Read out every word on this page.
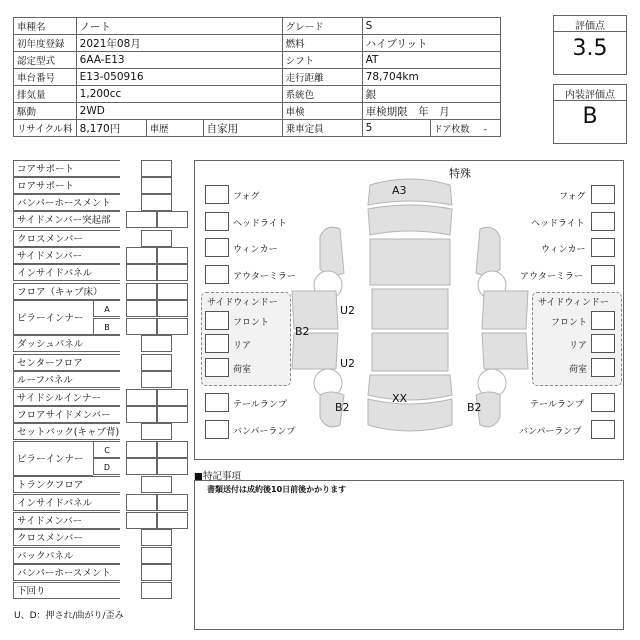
車種名	ノート			グレード	S	
初年度登録	2021年08月			燃料	ハイブリット	
認定型式	6AA-E13			シフト	AT	
車台番号	E13-050916			走行距離	78,704km	
排気量	1,200cc			系統色	銀	
駆動	2WD			車検	車検期限　年　月	
リサイクル料	8,170円	車歴	自家用	乗車定員	5	ドア枚数 -
評価点
3.5
内装評価点
B
コアサポート
ロアサポート
バンパーホースメント
サイドメンバー突起部
クロスメンバー
サイドメンバー
インサイドパネル
フロア（キャブ床）
ピラーインナー
A
B
ダッシュパネル
センターフロア
ルーフパネル
サイドシルインナー
フロアサイドメンバー
セットバック(キャブ背)
ピラーインナー
C
D
トランクフロア
インサイドパネル
サイドメンバー
クロスメンバー
バックパネル
バンパーホースメント
下回り
特殊
フォグ
ヘッドライト
ウィンカー
アウターミラー
サイドウィンドー
フロント
リア
荷室
テールランプ
バンパーランプ
フォグ
ヘッドライト
ウィンカー
アウターミラー
サイドウィンドー
フロント
リア
荷室
テールランプ
バンパーランプ
A3
U2
U2
B2
B2	B2
XX
■特記事項
書類送付は成約後10日前後かかります
U、D：押され/曲がり/歪み
